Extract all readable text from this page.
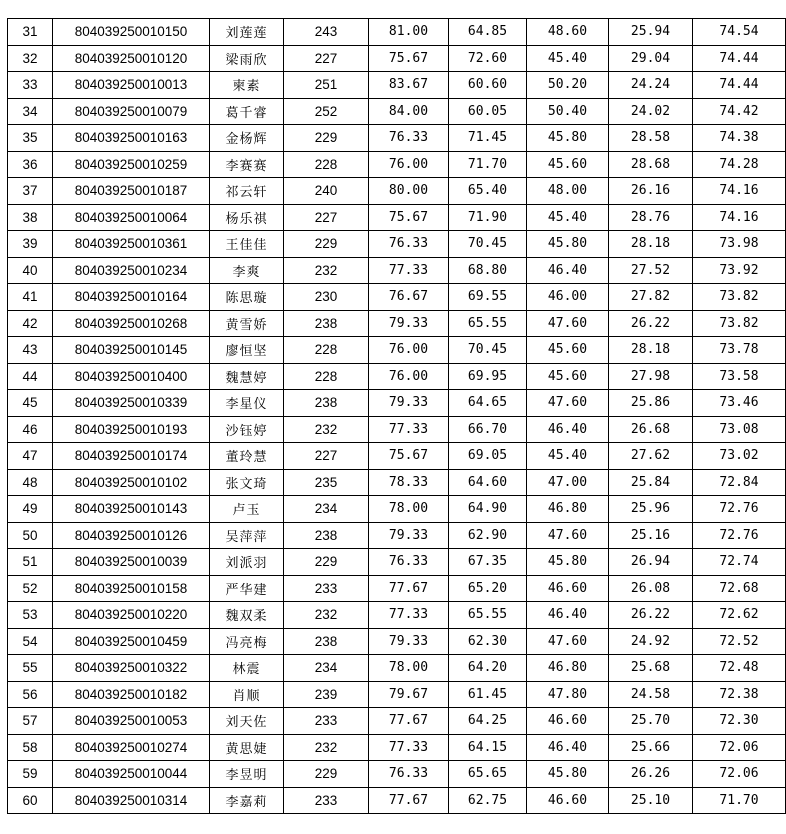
31	804039250010150	刘莲莲	243	81.00	64.85	48.60	25.94	74.54
32	804039250010120	梁雨欣	227	75.67	72.60	45.40	29.04	74.44
33	804039250010013	柬素	251	83.67	60.60	50.20	24.24	74.44
34	804039250010079	葛千睿	252	84.00	60.05	50.40	24.02	74.42
35	804039250010163	金杨辉	229	76.33	71.45	45.80	28.58	74.38
36	804039250010259	李赛赛	228	76.00	71.70	45.60	28.68	74.28
37	804039250010187	祁云轩	240	80.00	65.40	48.00	26.16	74.16
38	804039250010064	杨乐祺	227	75.67	71.90	45.40	28.76	74.16
39	804039250010361	王佳佳	229	76.33	70.45	45.80	28.18	73.98
40	804039250010234	李爽	232	77.33	68.80	46.40	27.52	73.92
41	804039250010164	陈思璇	230	76.67	69.55	46.00	27.82	73.82
42	804039250010268	黄雪娇	238	79.33	65.55	47.60	26.22	73.82
43	804039250010145	廖恒坚	228	76.00	70.45	45.60	28.18	73.78
44	804039250010400	魏慧婷	228	76.00	69.95	45.60	27.98	73.58
45	804039250010339	李星仪	238	79.33	64.65	47.60	25.86	73.46
46	804039250010193	沙钰婷	232	77.33	66.70	46.40	26.68	73.08
47	804039250010174	董玲慧	227	75.67	69.05	45.40	27.62	73.02
48	804039250010102	张文琦	235	78.33	64.60	47.00	25.84	72.84
49	804039250010143	卢玉	234	78.00	64.90	46.80	25.96	72.76
50	804039250010126	吴萍萍	238	79.33	62.90	47.60	25.16	72.76
51	804039250010039	刘派羽	229	76.33	67.35	45.80	26.94	72.74
52	804039250010158	严华建	233	77.67	65.20	46.60	26.08	72.68
53	804039250010220	魏双柔	232	77.33	65.55	46.40	26.22	72.62
54	804039250010459	冯亮梅	238	79.33	62.30	47.60	24.92	72.52
55	804039250010322	林震	234	78.00	64.20	46.80	25.68	72.48
56	804039250010182	肖顺	239	79.67	61.45	47.80	24.58	72.38
57	804039250010053	刘天佐	233	77.67	64.25	46.60	25.70	72.30
58	804039250010274	黄思婕	232	77.33	64.15	46.40	25.66	72.06
59	804039250010044	李昱明	229	76.33	65.65	45.80	26.26	72.06
60	804039250010314	李嘉莉	233	77.67	62.75	46.60	25.10	71.70
